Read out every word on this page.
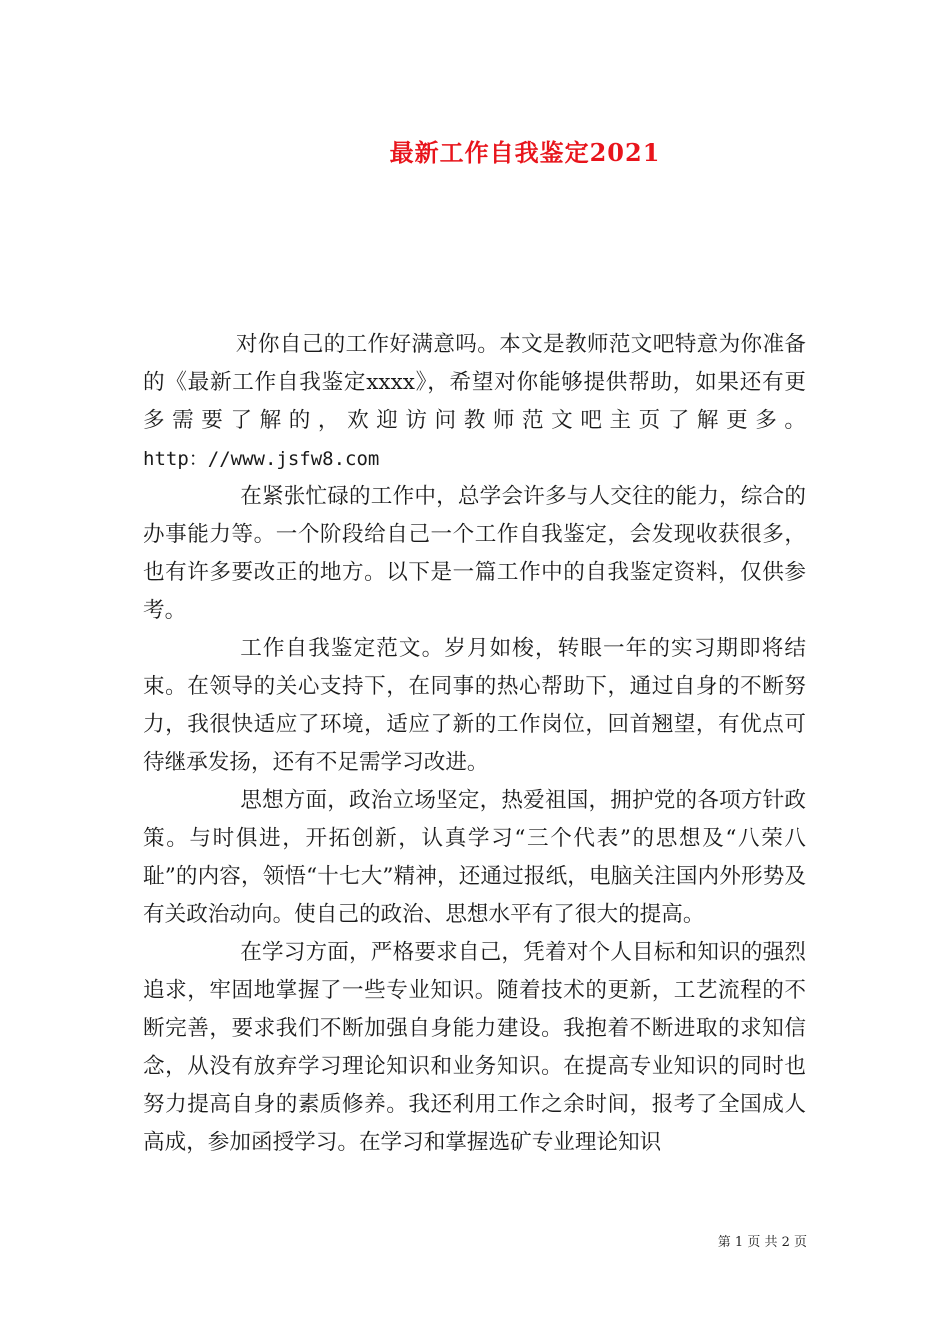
最新工作自我鉴定2021

对你自己的工作好满意吗。本文是教师范文吧特意为你准备的《最新工作自我鉴定xxxx》，希望对你能够提供帮助，如果还有更多需要了解的，欢迎访问教师范文吧主页了解更多。http：//www.jsfw8.com

在紧张忙碌的工作中，总学会许多与人交往的能力，综合的办事能力等。一个阶段给自己一个工作自我鉴定，会发现收获很多，也有许多要改正的地方。以下是一篇工作中的自我鉴定资料，仅供参考。

工作自我鉴定范文。岁月如梭，转眼一年的实习期即将结束。在领导的关心支持下，在同事的热心帮助下，通过自身的不断努力，我很快适应了环境，适应了新的工作岗位，回首翘望，有优点可待继承发扬，还有不足需学习改进。

思想方面，政治立场坚定，热爱祖国，拥护党的各项方针政策。与时俱进，开拓创新，认真学习“三个代表”的思想及“八荣八耻”的内容，领悟“十七大”精神，还通过报纸，电脑关注国内外形势及有关政治动向。使自己的政治、思想水平有了很大的提高。

在学习方面，严格要求自己，凭着对个人目标和知识的强烈追求，牢固地掌握了一些专业知识。随着技术的更新，工艺流程的不断完善，要求我们不断加强自身能力建设。我抱着不断进取的求知信念，从没有放弃学习理论知识和业务知识。在提高专业知识的同时也努力提高自身的素质修养。我还利用工作之余时间，报考了全国成人高成，参加函授学习。在学习和掌握选矿专业理论知识

第 1 页 共 2 页
